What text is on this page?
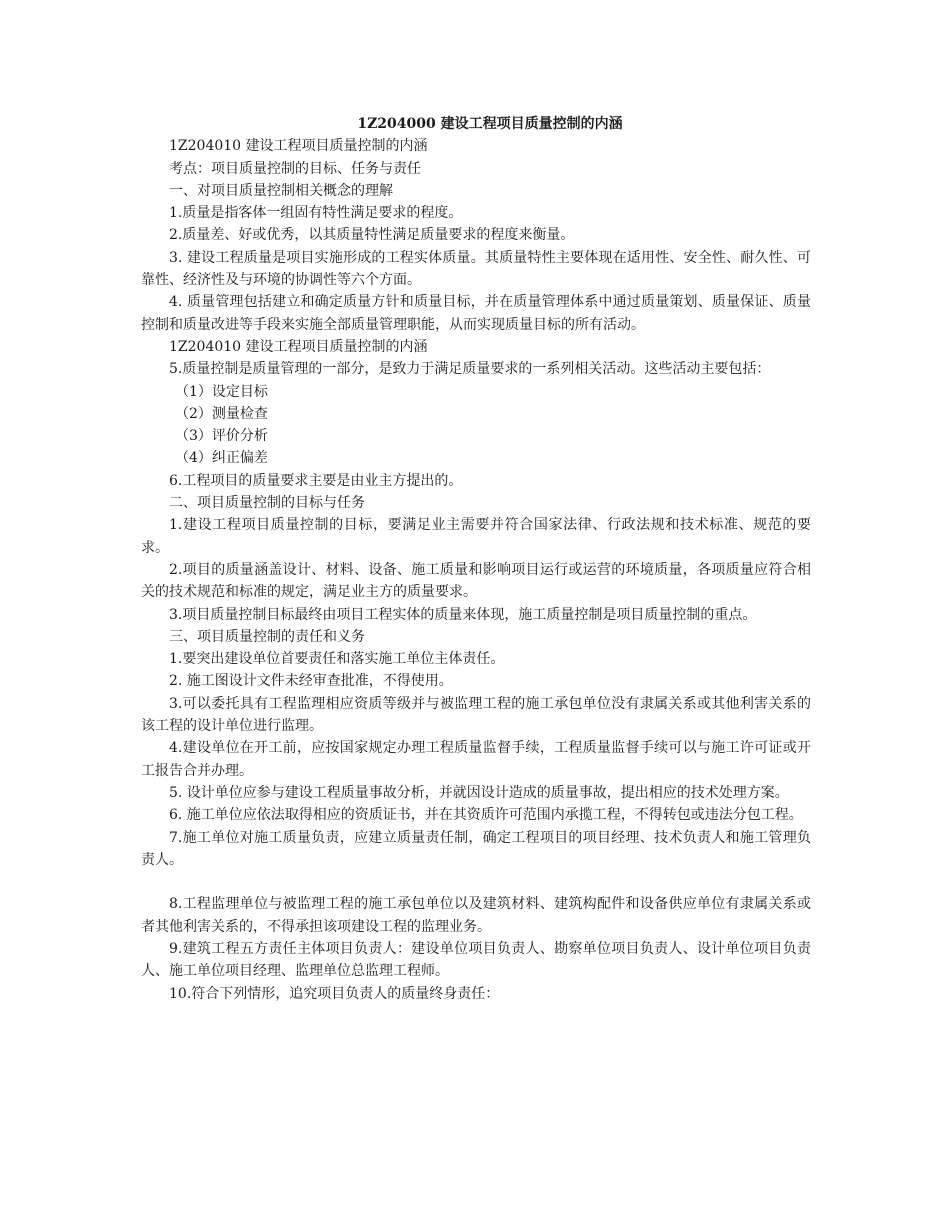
1Z204000 建设工程项目质量控制的内涵

1Z204010 建设工程项目质量控制的内涵

考点：项目质量控制的目标、任务与责任

一、对项目质量控制相关概念的理解

1.质量是指客体一组固有特性满足要求的程度。

2.质量差、好或优秀，以其质量特性满足质量要求的程度来衡量。

3. 建设工程质量是项目实施形成的工程实体质量。其质量特性主要体现在适用性、安全性、耐久性、可靠性、经济性及与环境的协调性等六个方面。

4. 质量管理包括建立和确定质量方针和质量目标，并在质量管理体系中通过质量策划、质量保证、质量控制和质量改进等手段来实施全部质量管理职能，从而实现质量目标的所有活动。

1Z204010 建设工程项目质量控制的内涵

5.质量控制是质量管理的一部分，是致力于满足质量要求的一系列相关活动。这些活动主要包括：

（1）设定目标

（2）测量检查

（3）评价分析

（4）纠正偏差

6.工程项目的质量要求主要是由业主方提出的。

二、项目质量控制的目标与任务

1.建设工程项目质量控制的目标，要满足业主需要并符合国家法律、行政法规和技术标准、规范的要求。

2.项目的质量涵盖设计、材料、设备、施工质量和影响项目运行或运营的环境质量，各项质量应符合相关的技术规范和标准的规定，满足业主方的质量要求。

3.项目质量控制目标最终由项目工程实体的质量来体现，施工质量控制是项目质量控制的重点。

三、项目质量控制的责任和义务

1.要突出建设单位首要责任和落实施工单位主体责任。

2. 施工图设计文件未经审查批准，不得使用。

3.可以委托具有工程监理相应资质等级并与被监理工程的施工承包单位没有隶属关系或其他利害关系的该工程的设计单位进行监理。

4.建设单位在开工前，应按国家规定办理工程质量监督手续，工程质量监督手续可以与施工许可证或开工报告合并办理。

5. 设计单位应参与建设工程质量事故分析，并就因设计造成的质量事故，提出相应的技术处理方案。

6. 施工单位应依法取得相应的资质证书，并在其资质许可范围内承揽工程，不得转包或违法分包工程。

7.施工单位对施工质量负责，应建立质量责任制，确定工程项目的项目经理、技术负责人和施工管理负责人。

8.工程监理单位与被监理工程的施工承包单位以及建筑材料、建筑构配件和设备供应单位有隶属关系或者其他利害关系的，不得承担该项建设工程的监理业务。

9.建筑工程五方责任主体项目负责人：建设单位项目负责人、勘察单位项目负责人、设计单位项目负责人、施工单位项目经理、监理单位总监理工程师。

10.符合下列情形，追究项目负责人的质量终身责任：
